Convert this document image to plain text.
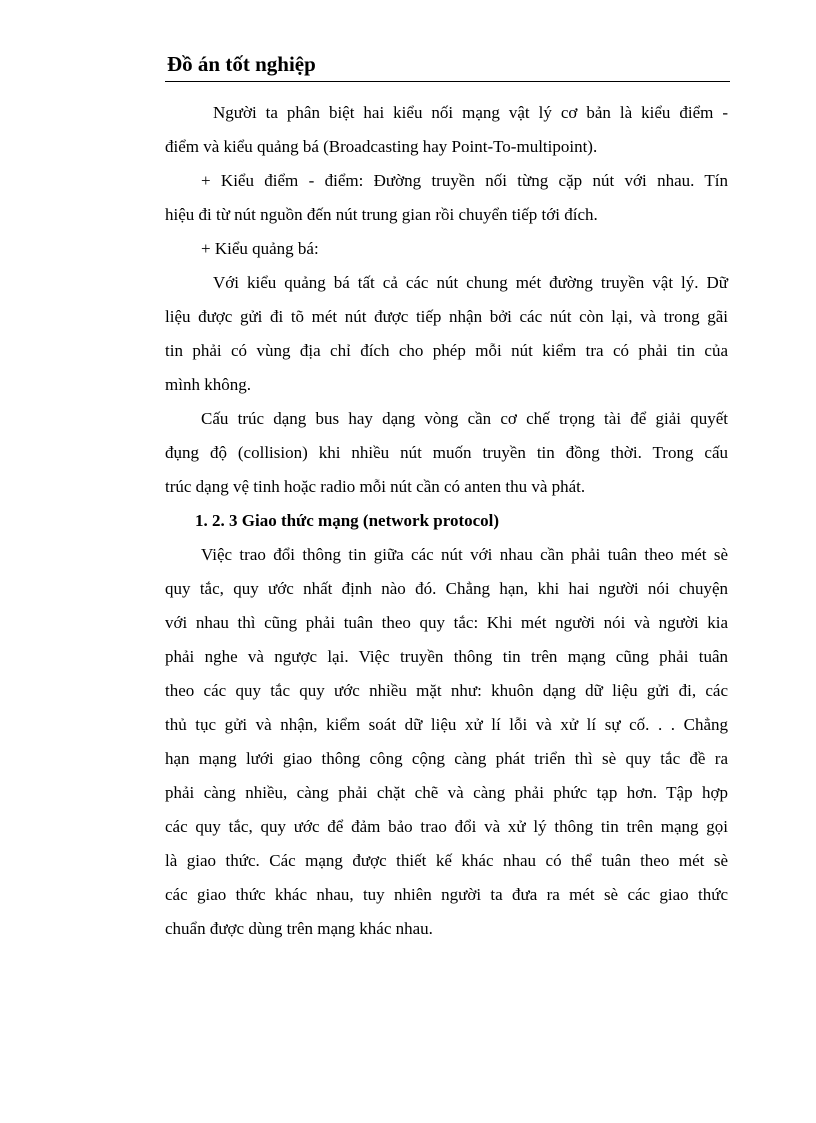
Đồ án tốt nghiệp
Người ta phân biệt hai kiểu nối mạng vật lý cơ bản là kiểu điểm -
điểm và kiểu quảng bá (Broadcasting hay Point-To-multipoint).
+ Kiểu điểm - điểm: Đường truyền nối từng cặp nút với nhau. Tín
hiệu đi từ nút nguồn đến nút trung gian rồi chuyển tiếp tới đích.
+ Kiểu quảng bá:
Với kiểu quảng bá tất cả các nút chung mét đường truyền vật lý. Dữ
liệu được gửi đi tõ mét nút được tiếp nhận bởi các nút còn lại, và trong gãi
tin phải có vùng địa chỉ đích cho phép mỗi nút kiểm tra có phải tin của
mình không.
Cấu trúc dạng bus hay dạng vòng cần cơ chế trọng tài để giải quyết
đụng độ (collision) khi nhiều nút muốn truyền tin đồng thời. Trong cấu
trúc dạng vệ tinh hoặc radio mỗi nút cần có anten thu và phát.
1. 2. 3 Giao thức mạng (network protocol)
Việc trao đổi thông tin giữa các nút với nhau cần phải tuân theo mét sè
quy tắc, quy ước nhất định nào đó. Chẳng hạn, khi hai người nói chuyện
với nhau thì cũng phải tuân theo quy tắc: Khi mét người nói và người kia
phải nghe và ngược lại. Việc truyền thông tin trên mạng cũng phải tuân
theo các quy tắc quy ước nhiều mặt như: khuôn dạng dữ liệu gửi đi, các
thủ tục gửi và nhận, kiểm soát dữ liệu xử lí lỗi và xử lí sự cố. . . Chẳng
hạn mạng lưới giao thông công cộng càng phát triển thì sè quy tắc đề ra
phải càng nhiều, càng phải chặt chẽ và càng phải phức tạp hơn. Tập hợp
các quy tắc, quy ước để đảm bảo trao đổi và xử lý thông tin trên mạng gọi
là giao thức. Các mạng được thiết kế khác nhau có thể tuân theo mét sè
các giao thức khác nhau, tuy nhiên người ta đưa ra mét sè các giao thức
chuẩn được dùng trên mạng khác nhau.
